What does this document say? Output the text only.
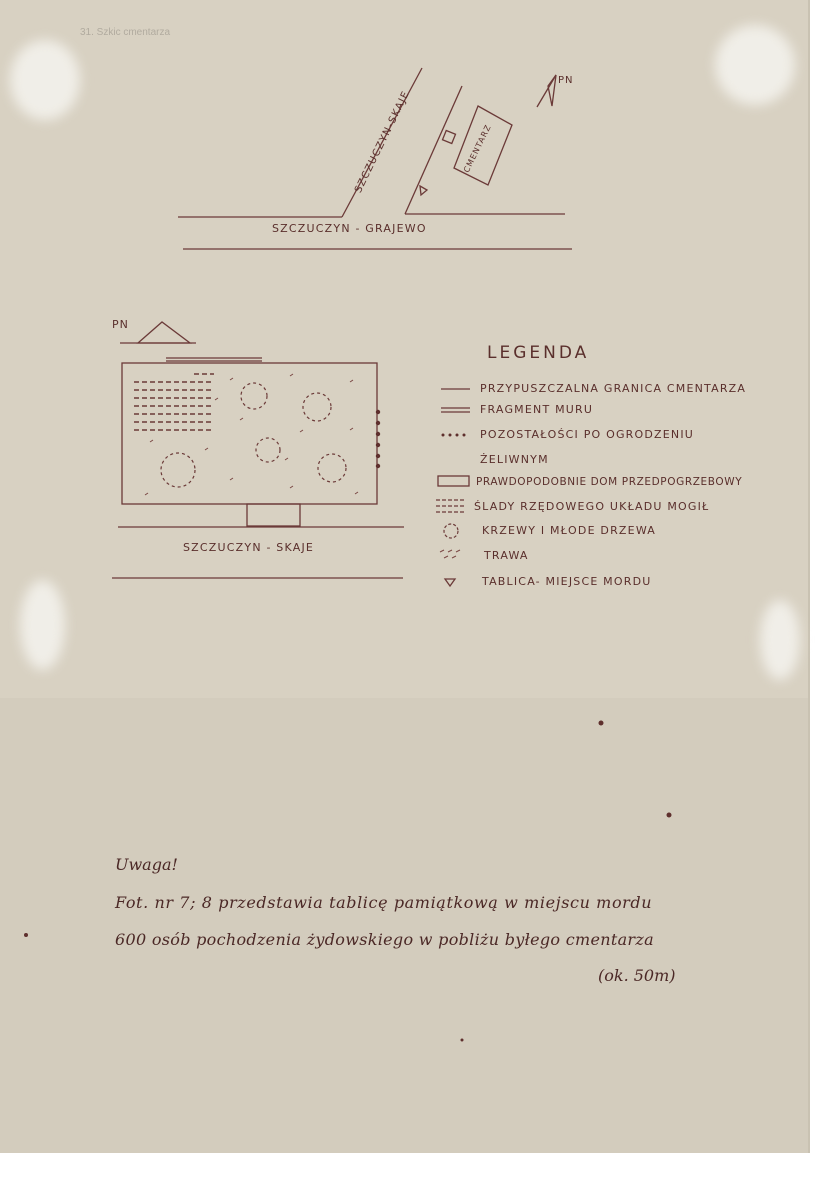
31. Szkic cmentarza
SZCZUCZYN - GRAJEWO
SZCZUCZYN-SKAJE	CMENTARZ
PN
PN
SZCZUCZYN - SKAJE
LEGENDA
PRZYPUSZCZALNA GRANICA CMENTARZA
FRAGMENT MURU
POZOSTAŁOŚCI PO OGRODZENIU
ŻELIWNYM
PRAWDOPODOBNIE DOM PRZEDPOGRZEBOWY
ŚLADY RZĘDOWEGO UKŁADU MOGIŁ
KRZEWY I MŁODE DRZEWA
TRAWA
TABLICA- MIEJSCE MORDU
Uwaga!
Fot. nr 7; 8 przedstawia tablicę pamiątkową w miejscu mordu
600 osób pochodzenia żydowskiego w pobliżu byłego cmentarza
(ok. 50m)
